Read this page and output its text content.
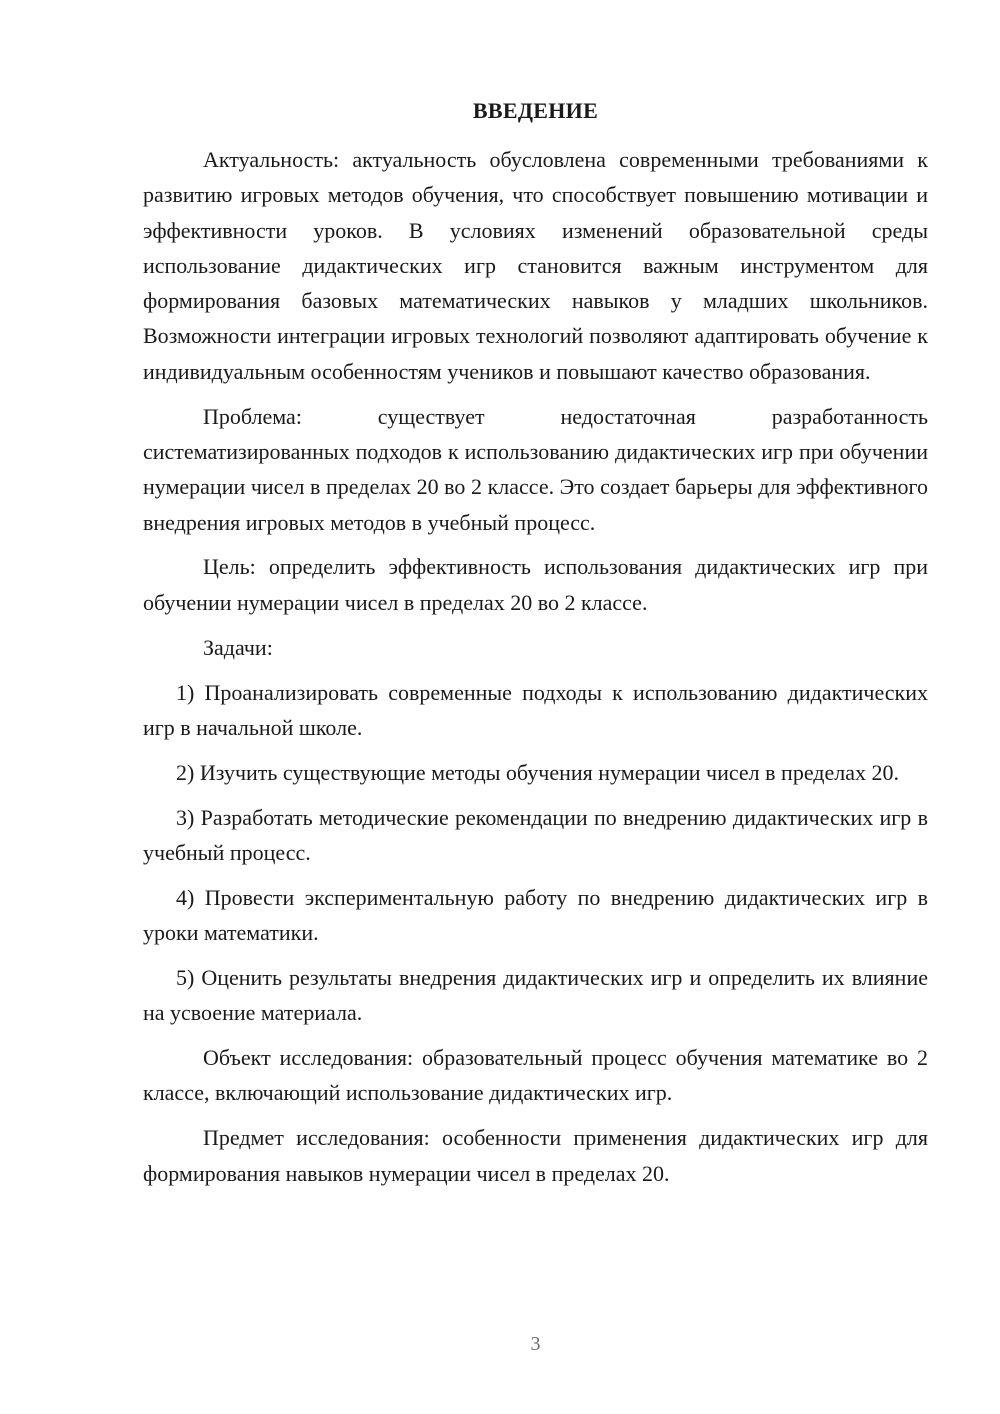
ВВЕДЕНИЕ

Актуальность: актуальность обусловлена современными требованиями к развитию игровых методов обучения, что способствует повышению мотивации и эффективности уроков. В условиях изменений образовательной среды использование дидактических игр становится важным инструментом для формирования базовых математических навыков у младших школьников. Возможности интеграции игровых технологий позволяют адаптировать обучение к индивидуальным особенностям учеников и повышают качество образования.

Проблема: существует недостаточная разработанность систематизированных подходов к использованию дидактических игр при обучении нумерации чисел в пределах 20 во 2 классе. Это создает барьеры для эффективного внедрения игровых методов в учебный процесс.

Цель: определить эффективность использования дидактических игр при обучении нумерации чисел в пределах 20 во 2 классе.

Задачи:

1) Проанализировать современные подходы к использованию дидактических игр в начальной школе.

2) Изучить существующие методы обучения нумерации чисел в пределах 20.

3) Разработать методические рекомендации по внедрению дидактических игр в учебный процесс.

4) Провести экспериментальную работу по внедрению дидактических игр в уроки математики.

5) Оценить результаты внедрения дидактических игр и определить их влияние на усвоение материала.

Объект исследования: образовательный процесс обучения математике во 2 классе, включающий использование дидактических игр.

Предмет исследования: особенности применения дидактических игр для формирования навыков нумерации чисел в пределах 20.

3
